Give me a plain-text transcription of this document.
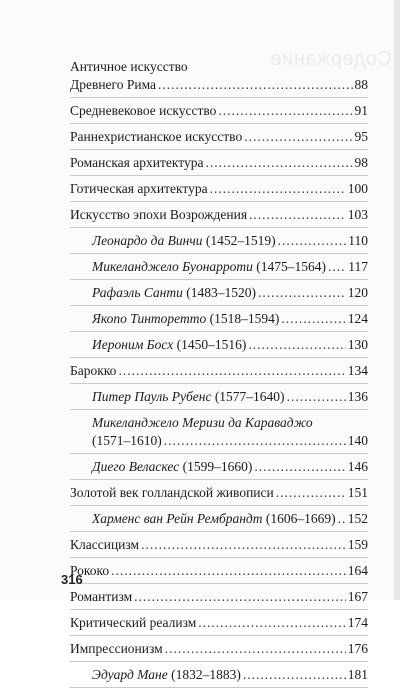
Содержание
Античное искусство
Древнего Рима .....	88
Средневековое искусство .....	91
Раннехристианское искусство .....	95
Романская архитектура .....	98
Готическая архитектура .....	100
Искусство эпохи Возрождения .....	103
Леонардо да Винчи (1452–1519) .....	110
Микеланджело Буонарроти (1475–1564) ..... 117
Рафаэль Санти (1483–1520) .....	120
Якопо Тинторетто (1518–1594) .....	124
Иероним Босх (1450–1516) .....	130
Барокко .....	134
Питер Пауль Рубенс (1577–1640) .....	136
Микеланджело Меризи да Караваджо
(1571–1610) .....	140
Диего Веласкес (1599–1660) .....	146
Золотой век голландской живописи .....	151
Харменс ван Рейн Рембрандт (1606–1669) ..... 152
Классицизм .....	159
Рококо .....	164
Романтизм .....	167
Критический реализм .....	174
Импрессионизм .....	176
Эдуард Мане (1832–1883) .....	181
316
